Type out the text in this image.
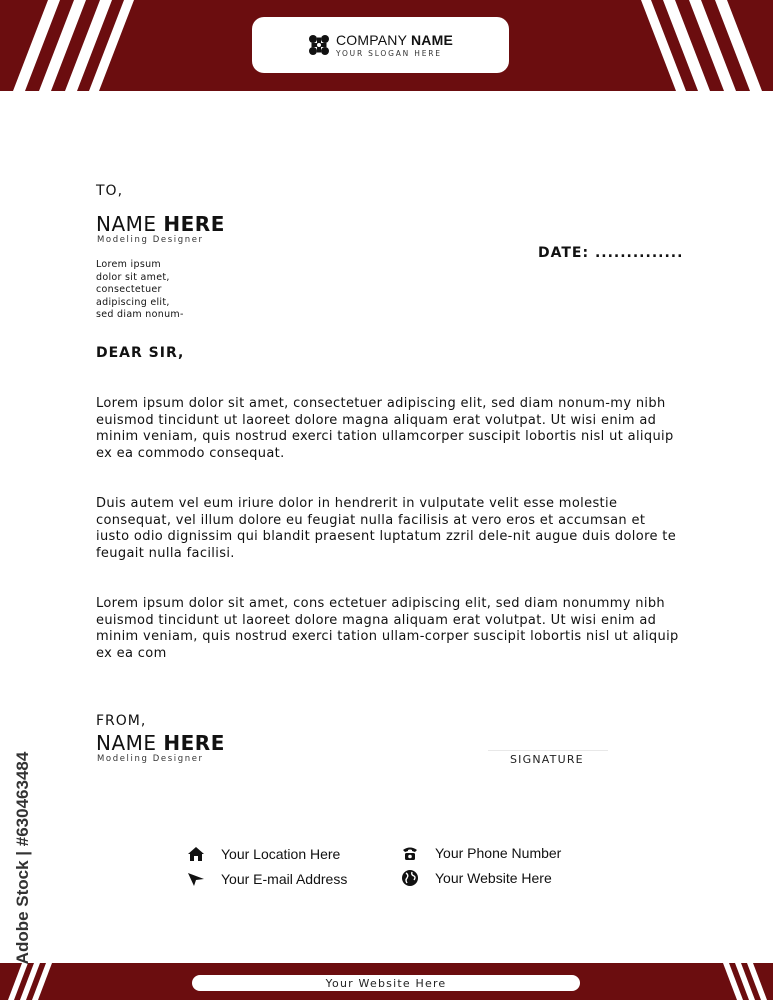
COMPANY NAME
YOUR SLOGAN HERE
TO,
NAME HERE
Modeling Designer
Lorem ipsum
dolor sit amet,
consectetuer
adipiscing elit,
sed diam nonum-
DATE: ..............
DEAR SIR,

Lorem ipsum dolor sit amet, consectetuer adipiscing elit, sed diam nonum-my nibh euismod tincidunt ut laoreet dolore magna aliquam erat volutpat. Ut wisi enim ad minim veniam, quis nostrud exerci tation ullamcorper suscipit lobortis nisl ut aliquip ex ea commodo consequat.

Duis autem vel eum iriure dolor in hendrerit in vulputate velit esse molestie consequat, vel illum dolore eu feugiat nulla facilisis at vero eros et accumsan et iusto odio dignissim qui blandit praesent luptatum zzril dele-nit augue duis dolore te feugait nulla facilisi.

Lorem ipsum dolor sit amet, cons ectetuer adipiscing elit, sed diam nonummy nibh euismod tincidunt ut laoreet dolore magna aliquam erat volutpat. Ut wisi enim ad minim veniam, quis nostrud exerci tation ullam-corper suscipit lobortis nisl ut aliquip ex ea com

FROM,
NAME HERE
Modeling Designer	SIGNATURE
Your Location Here
Your E-mail Address
Your Phone Number
Your Website Here
Your Website Here
Adobe Stock | #630463484
